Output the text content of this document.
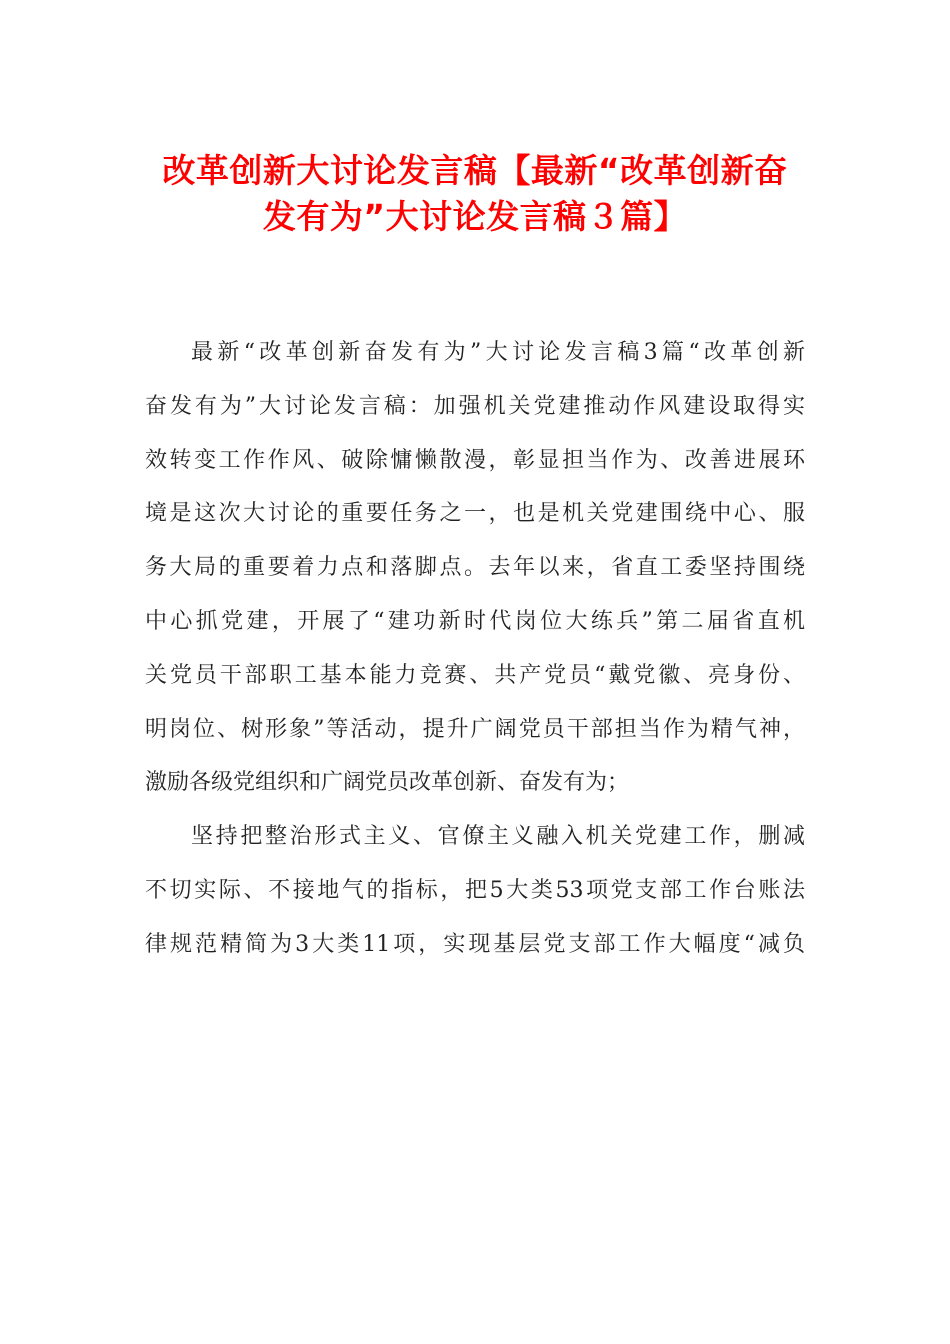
改革创新大讨论发言稿【最新“改革创新奋
发有为”大讨论发言稿３篇】
最新“改革创新奋发有为”大讨论发言稿3篇“改革创新
奋发有为”大讨论发言稿：加强机关党建推动作风建设取得实
效转变工作作风、破除慵懒散漫，彰显担当作为、改善进展环
境是这次大讨论的重要任务之一，也是机关党建围绕中心、服
务大局的重要着力点和落脚点。去年以来，省直工委坚持围绕
中心抓党建，开展了“建功新时代岗位大练兵”第二届省直机
关党员干部职工基本能力竞赛、共产党员“戴党徽、亮身份、
明岗位、树形象”等活动，提升广阔党员干部担当作为精气神，
激励各级党组织和广阔党员改革创新、奋发有为；
坚持把整治形式主义、官僚主义融入机关党建工作，删减
不切实际、不接地气的指标，把5大类53项党支部工作台账法
律规范精简为3大类11项，实现基层党支部工作大幅度“减负
